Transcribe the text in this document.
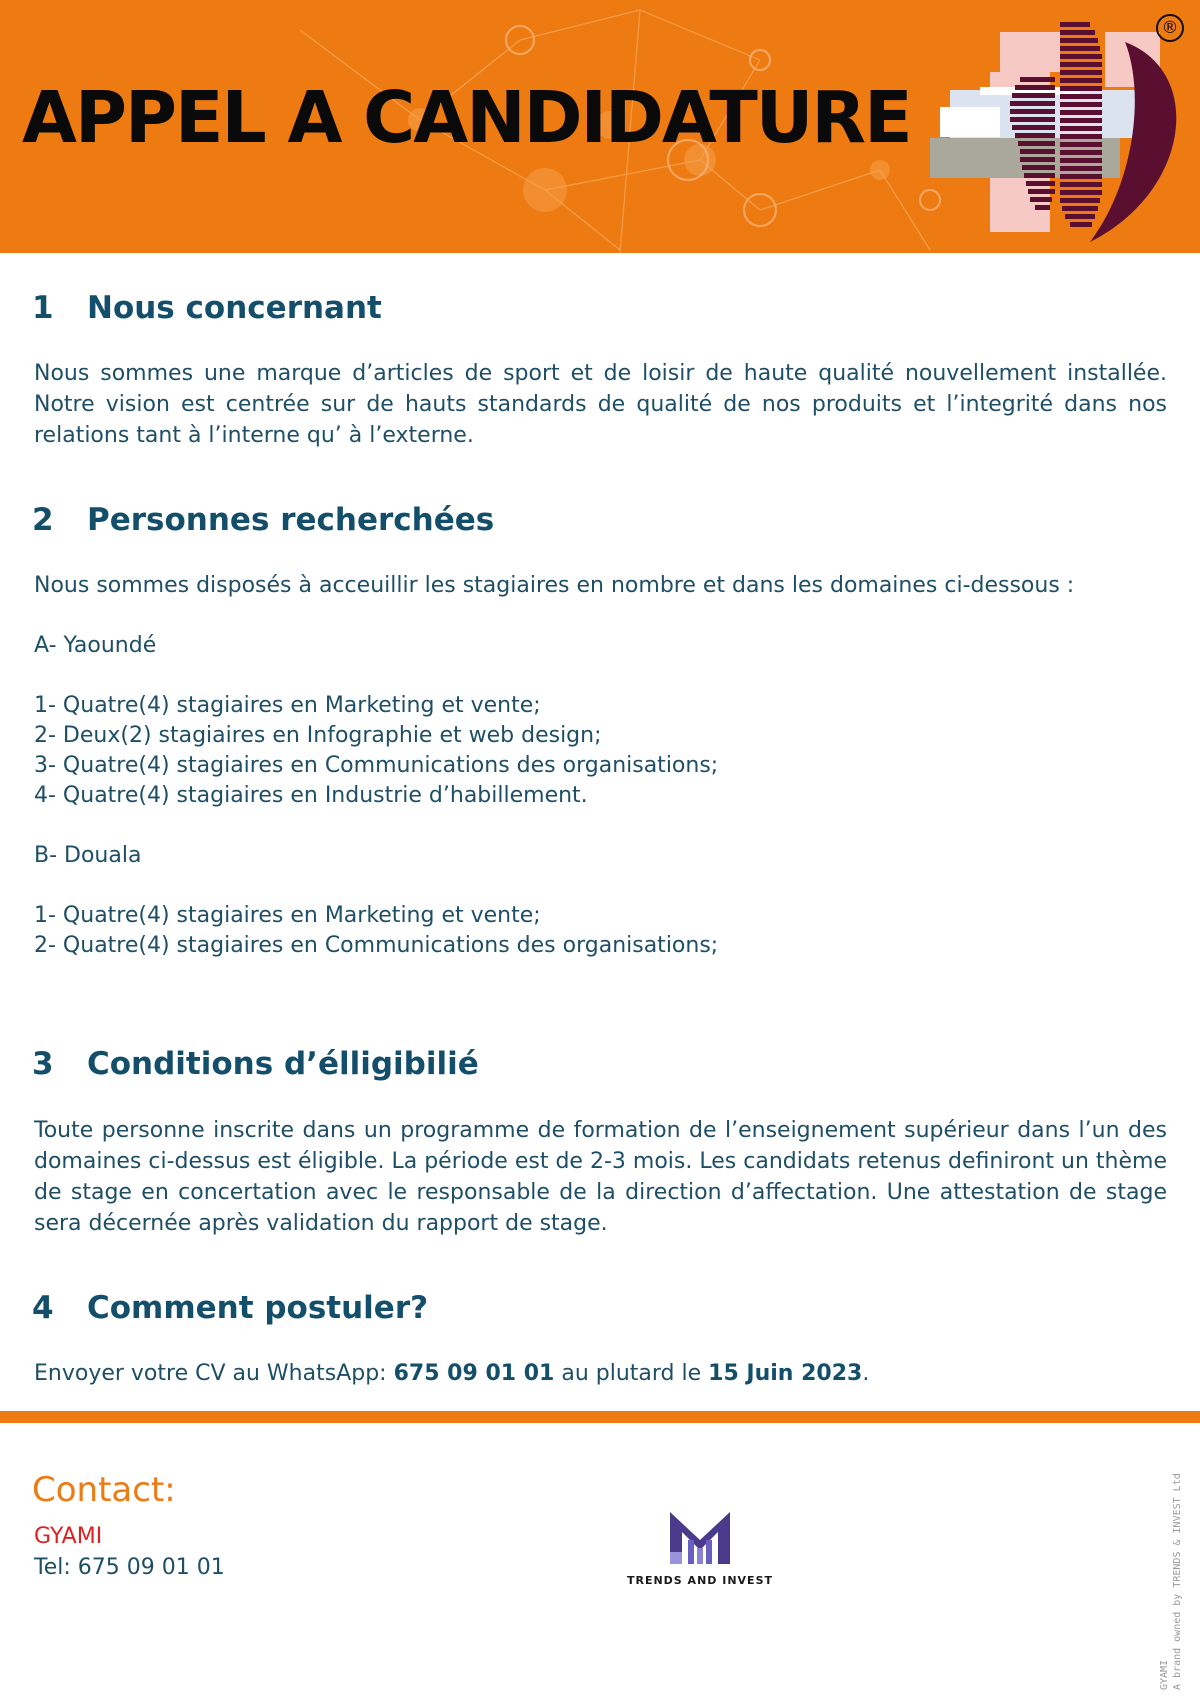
APPEL A CANDIDATURE
®
1 Nous concernant

Nous sommes une marque d’articles de sport et de loisir de haute qualité nouvellement installée. Notre vision est centrée sur de hauts standards de qualité de nos produits et l’integrité dans nos relations tant à l’interne qu’ à l’externe.

2 Personnes recherchées

Nous sommes disposés à acceuillir les stagiaires en nombre et dans les domaines ci-dessous :

A- Yaoundé

1- Quatre(4) stagiaires en Marketing et vente;

2- Deux(2) stagiaires en Infographie et web design;

3- Quatre(4) stagiaires en Communications des organisations;

4- Quatre(4) stagiaires en Industrie d’habillement.

B- Douala

1- Quatre(4) stagiaires en Marketing et vente;

2- Quatre(4) stagiaires en Communications des organisations;

3 Conditions d’élligibilié

Toute personne inscrite dans un programme de formation de l’enseignement supérieur dans l’un des domaines ci-dessus est éligible. La période est de 2-3 mois. Les candidats retenus definiront un thème de stage en concertation avec le responsable de la direction d’affectation. Une attestation de stage sera décernée après validation du rapport de stage.

4 Comment postuler?

Envoyer votre CV au WhatsApp: 675 09 01 01 au plutard le 15 Juin 2023.

Contact:

GYAMI

Tel: 675 09 01 01

TRENDS AND INVEST
GYAMI A brand owned by TRENDS & INVEST Ltd
